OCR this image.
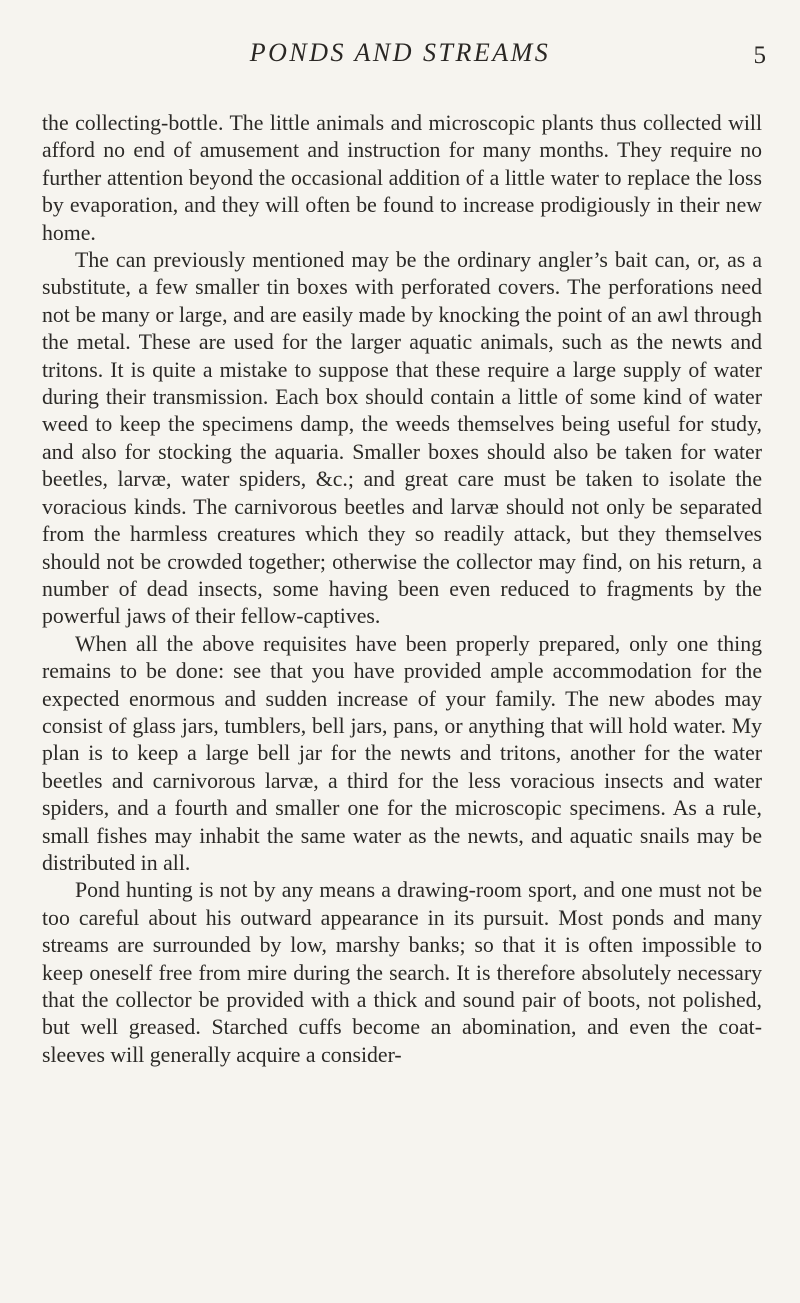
PONDS AND STREAMS	5

the collecting-bottle. The little animals and microscopic plants thus collected will afford no end of amusement and instruction for many months. They require no further attention beyond the occasional addition of a little water to replace the loss by evaporation, and they will often be found to increase prodigiously in their new home.

The can previously mentioned may be the ordinary angler’s bait can, or, as a substitute, a few smaller tin boxes with perforated covers. The perforations need not be many or large, and are easily made by knocking the point of an awl through the metal. These are used for the larger aquatic animals, such as the newts and tritons. It is quite a mistake to suppose that these require a large supply of water during their transmission. Each box should contain a little of some kind of water weed to keep the specimens damp, the weeds themselves being useful for study, and also for stocking the aquaria. Smaller boxes should also be taken for water beetles, larvæ, water spiders, &c.; and great care must be taken to isolate the voracious kinds. The carnivorous beetles and larvæ should not only be separated from the harmless creatures which they so readily attack, but they themselves should not be crowded together; otherwise the collector may find, on his return, a number of dead insects, some having been even reduced to fragments by the powerful jaws of their fellow-captives.

When all the above requisites have been properly prepared, only one thing remains to be done: see that you have provided ample accommodation for the expected enormous and sudden increase of your family. The new abodes may consist of glass jars, tumblers, bell jars, pans, or anything that will hold water. My plan is to keep a large bell jar for the newts and tritons, another for the water beetles and carnivorous larvæ, a third for the less voracious insects and water spiders, and a fourth and smaller one for the microscopic specimens. As a rule, small fishes may inhabit the same water as the newts, and aquatic snails may be distributed in all.

Pond hunting is not by any means a drawing-room sport, and one must not be too careful about his outward appearance in its pursuit. Most ponds and many streams are surrounded by low, marshy banks; so that it is often impossible to keep oneself free from mire during the search. It is therefore absolutely necessary that the collector be provided with a thick and sound pair of boots, not polished, but well greased. Starched cuffs become an abomination, and even the coat-sleeves will generally acquire a consider-
